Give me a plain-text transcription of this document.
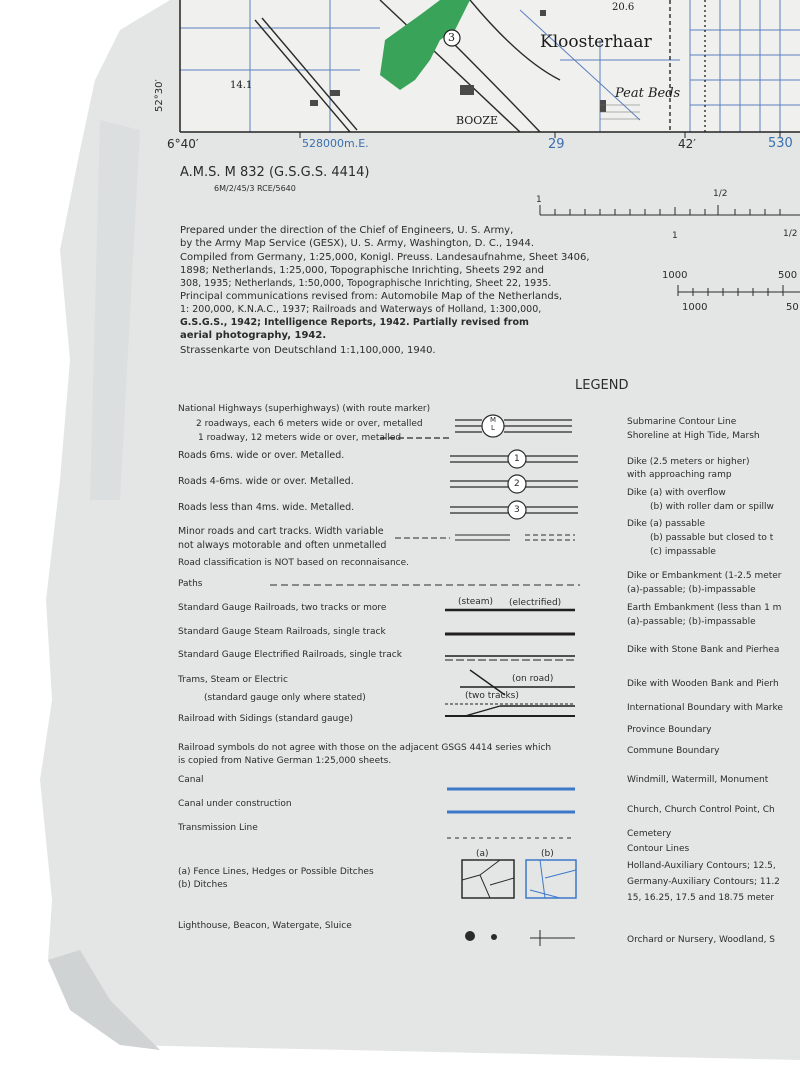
Kloosterhaar
Peat Beds
BOOZE
20.6
14.1
3
6°40′	528000m.E.	29	42′	530
52°30′
A.M.S. M 832 (G.S.G.S. 4414)
6M/2/45/3 RCE/5640
1/2
1
1	1/2
1000	500
1000	50
Prepared under the direction of the Chief of Engineers, U. S. Army,
by the Army Map Service (GESX), U. S. Army, Washington, D. C., 1944.
Compiled from Germany, 1:25,000, Konigl. Preuss. Landesaufnahme, Sheet 3406,
1898; Netherlands, 1:25,000, Topographische Inrichting, Sheets 292 and
308, 1935; Netherlands, 1:50,000, Topographische Inrichting, Sheet 22, 1935.
Principal communications revised from: Automobile Map of the Netherlands,
1: 200,000, K.N.A.C., 1937; Railroads and Waterways of Holland, 1:300,000,
G.S.G.S., 1942; Intelligence Reports, 1942. Partially revised from
aerial photography, 1942.
Strassenkarte von Deutschland 1:1,100,000, 1940.
LEGEND
National Highways (superhighways) (with route marker)
2 roadways, each 6 meters wide or over, metalled
1 roadway, 12 meters wide or over, metalled
Roads 6ms. wide or over. Metalled.
Roads 4-6ms. wide or over. Metalled.
Roads less than 4ms. wide. Metalled.
Minor roads and cart tracks. Width variable
not always motorable and often unmetalled
Road classification is NOT based on reconnaisance.
Paths
Standard Gauge Railroads, two tracks or more
Standard Gauge Steam Railroads, single track
Standard Gauge Electrified Railroads, single track
Trams, Steam or Electric
(standard gauge only where stated)
Railroad with Sidings (standard gauge)
Railroad symbols do not agree with those on the adjacent GSGS 4414 series which
is copied from Native German 1:25,000 sheets.
Canal
Canal under construction
Transmission Line
(a) Fence Lines, Hedges or Possible Ditches
(b) Ditches
Lighthouse, Beacon, Watergate, Sluice
M L
1
2
3
(steam) (electrified)
(on road)
(two tracks)
(a)	(b)
Submarine Contour Line
Shoreline at High Tide, Marsh
Dike (2.5 meters or higher)
with approaching ramp
Dike (a) with overflow
(b) with roller dam or spillw
Dike (a) passable
(b) passable but closed to t
(c) impassable
Dike or Embankment (1-2.5 meter
(a)-passable; (b)-impassable
Earth Embankment (less than 1 m
(a)-passable; (b)-impassable
Dike with Stone Bank and Pierhea
Dike with Wooden Bank and Pierh
International Boundary with Marke
Province Boundary
Commune Boundary
Windmill, Watermill, Monument
Church, Church Control Point, Ch
Cemetery
Contour Lines
Holland-Auxiliary Contours; 12.5,
Germany-Auxiliary Contours; 11.2
15, 16.25, 17.5 and 18.75 meter
Orchard or Nursery, Woodland, S
